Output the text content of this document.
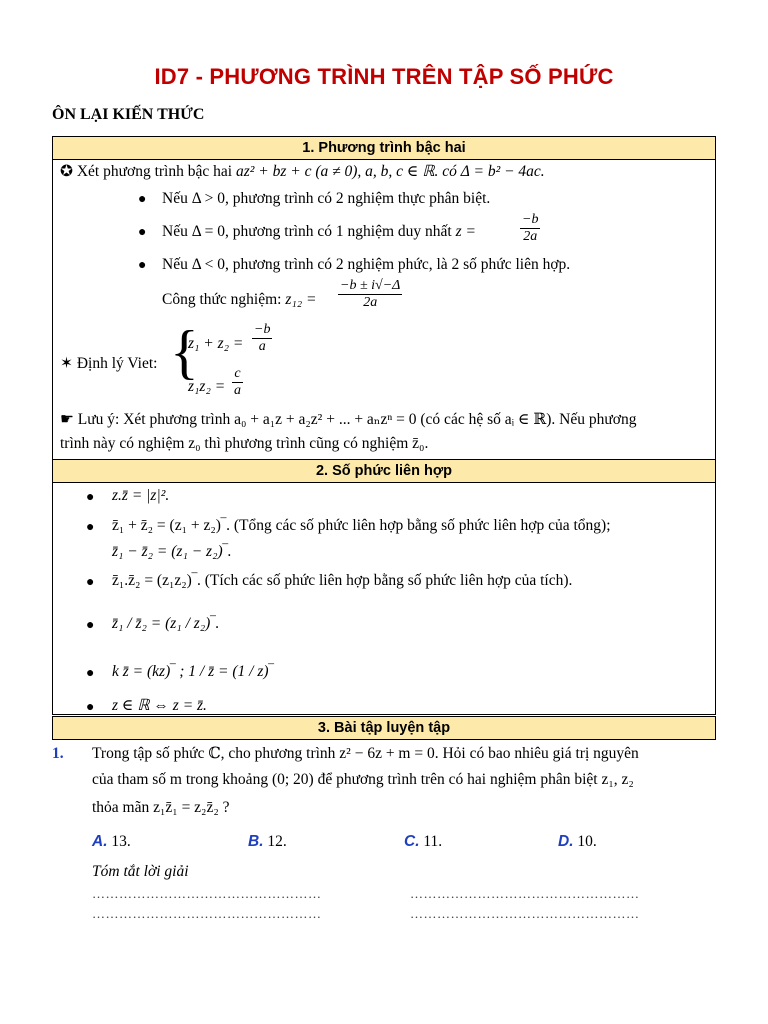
ID7 - PHƯƠNG TRÌNH TRÊN TẬP SỐ PHỨC
ÔN LẠI KIẾN THỨC
1. Phương trình bậc hai
✪ Xét phương trình bậc hai az² + bz + c (a ≠ 0), a, b, c ∈ ℝ. có Δ = b² − 4ac.
● Nếu Δ > 0, phương trình có 2 nghiệm thực phân biệt.
● Nếu Δ = 0, phương trình có 1 nghiệm duy nhất z =	$\frac{-b}{2a}$
● Nếu Δ < 0, phương trình có 2 nghiệm phức, là 2 số phức liên hợp.
Công thức nghiệm: $z_{12} = \frac{-b \pm i√-\Delta}{2a}$
✶ Định lý Viet: {
$z_1 + z_2 = \frac{-b}{a}$
$z_1z_2 = \frac{c}{a}$
☛ Lưu ý: Xét phương trình a₀ + a₁z + a₂z² + ... + aₙzⁿ = 0 (có các hệ số aᵢ ∈ ℝ). Nếu phương
trình này có nghiệm z₀ thì phương trình cũng có nghiệm z̄₀.
2. Số phức liên hợp
● z.z̄ = |z|².
● z̄₁ + z̄₂ = (z₁ + z₂)‾. (Tổng các số phức liên hợp bằng số phức liên hợp của tổng);
z̄₁ − z̄₂ = (z₁ − z₂)‾.
● z̄₁.z̄₂ = (z₁z₂)‾. (Tích các số phức liên hợp bằng số phức liên hợp của tích).
● z̄₁ / z̄₂ = (z₁ / z₂)‾.
● k z̄ = (kz)‾ ; 1 / z̄ = (1 / z)‾
● z ∈ ℝ ⇔ z = z̄.
3. Bài tập luyện tập
1. Trong tập số phức ℂ, cho phương trình z² − 6z + m = 0. Hỏi có bao nhiêu giá trị nguyên
của tham số m trong khoảng (0; 20) để phương trình trên có hai nghiệm phân biệt z₁, z₂
thỏa mãn z₁z̄₁ = z₂z̄₂ ?
A. 13.	B. 12.	C. 11.	D. 10.
Tóm tắt lời giải
……………………………………………	……………………………………………
……………………………………………	……………………………………………
